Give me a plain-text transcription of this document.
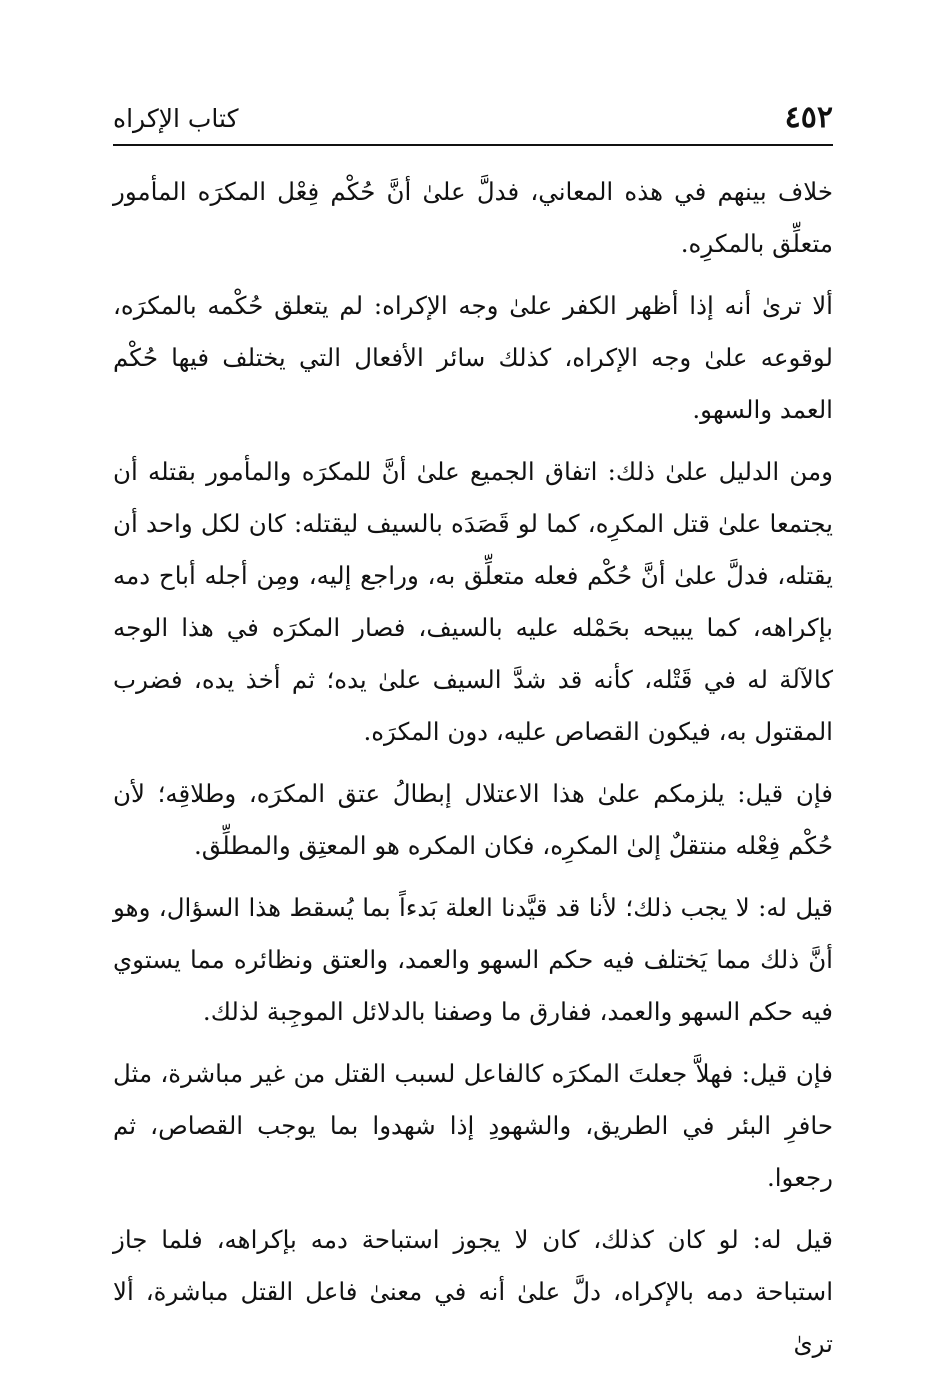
٤٥٢
كتاب الإكراه

خلاف بينهم في هذه المعاني، فدلَّ علىٰ أنَّ حُكْم فِعْل المكرَه المأمور متعلِّق بالمكرِه.

ألا ترىٰ أنه إذا أظهر الكفر علىٰ وجه الإكراه: لم يتعلق حُكْمه بالمكرَه، لوقوعه علىٰ وجه الإكراه، كذلك سائر الأفعال التي يختلف فيها حُكْم العمد والسهو.

ومن الدليل علىٰ ذلك: اتفاق الجميع علىٰ أنَّ للمكرَه والمأمور بقتله أن يجتمعا علىٰ قتل المكرِه، كما لو قَصَدَه بالسيف ليقتله: كان لكل واحد أن يقتله، فدلَّ علىٰ أنَّ حُكْم فعله متعلِّق به، وراجع إليه، ومِن أجله أباح دمه بإكراهه، كما يبيحه بحَمْله عليه بالسيف، فصار المكرَه في هذا الوجه كالآلة له في قَتْله، كأنه قد شدَّ السيف علىٰ يده؛ ثم أخذ يده، فضرب المقتول به، فيكون القصاص عليه، دون المكرَه.

فإن قيل: يلزمكم علىٰ هذا الاعتلال إبطالُ عتق المكرَه، وطلاقِه؛ لأن حُكْم فِعْله منتقلٌ إلىٰ المكرِه، فكان المكره هو المعتِق والمطلِّق.

قيل له: لا يجب ذلك؛ لأنا قد قيَّدنا العلة بَدءاً بما يُسقط هذا السؤال، وهو أنَّ ذلك مما يَختلف فيه حكم السهو والعمد، والعتق ونظائره مما يستوي فيه حكم السهو والعمد، ففارق ما وصفنا بالدلائل الموجِبة لذلك.

فإن قيل: فهلاَّ جعلتَ المكرَه كالفاعل لسبب القتل من غير مباشرة، مثل حافرِ البئر في الطريق، والشهودِ إذا شهدوا بما يوجب القصاص، ثم رجعوا.

قيل له: لو كان كذلك، كان لا يجوز استباحة دمه بإكراهه، فلما جاز استباحة دمه بالإكراه، دلَّ علىٰ أنه في معنىٰ فاعل القتل مباشرة، ألا ترىٰ
